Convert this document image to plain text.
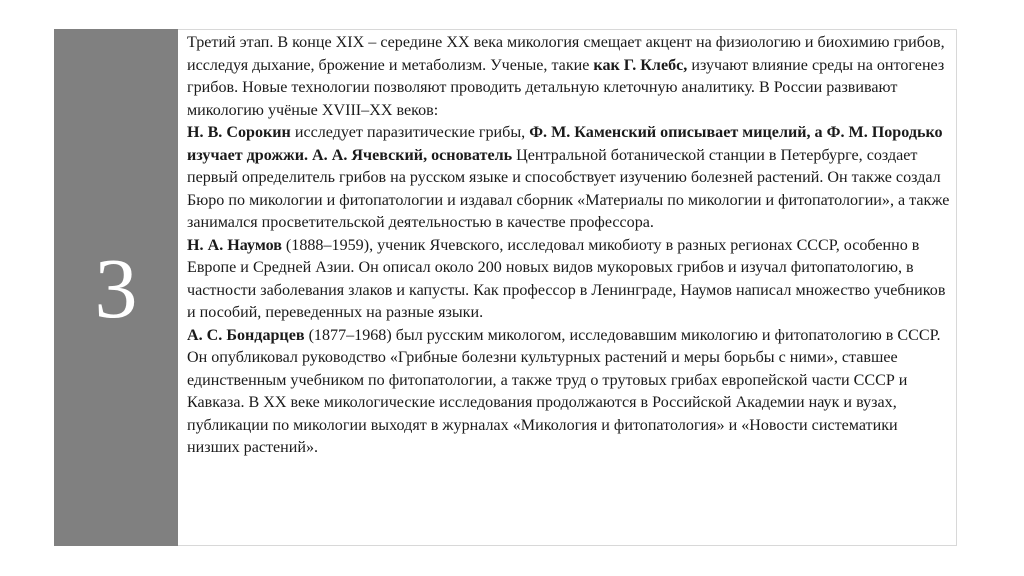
3

Третий этап. В конце XIX – середине XX века микология смещает акцент на физиологию и биохимию грибов, исследуя дыхание, брожение и метаболизм. Ученые, такие как Г. Клебс, изучают влияние среды на онтогенез грибов. Новые технологии позволяют проводить детальную клеточную аналитику. В России развивают микологию учёные XVIII–XX веков:

Н. В. Сорокин исследует паразитические грибы, Ф. М. Каменский описывает мицелий, а Ф. М. Породько изучает дрожжи. А. А. Ячевский, основатель Центральной ботанической станции в Петербурге, создает первый определитель грибов на русском языке и способствует изучению болезней растений. Он также создал Бюро по микологии и фитопатологии и издавал сборник «Материалы по микологии и фитопатологии», а также занимался просветительской деятельностью в качестве профессора.

Н. А. Наумов (1888–1959), ученик Ячевского, исследовал микобиоту в разных регионах СССР, особенно в Европе и Средней Азии. Он описал около 200 новых видов мукоровых грибов и изучал фитопатологию, в частности заболевания злаков и капусты. Как профессор в Ленинграде, Наумов написал множество учебников и пособий, переведенных на разные языки.

А. С. Бондарцев (1877–1968) был русским микологом, исследовавшим микологию и фитопатологию в СССР. Он опубликовал руководство «Грибные болезни культурных растений и меры борьбы с ними», ставшее единственным учебником по фитопатологии, а также труд о трутовых грибах европейской части СССР и Кавказа. В XX веке микологические исследования продолжаются в Российской Академии наук и вузах, публикации по микологии выходят в журналах «Микология и фитопатология» и «Новости систематики низших растений».
